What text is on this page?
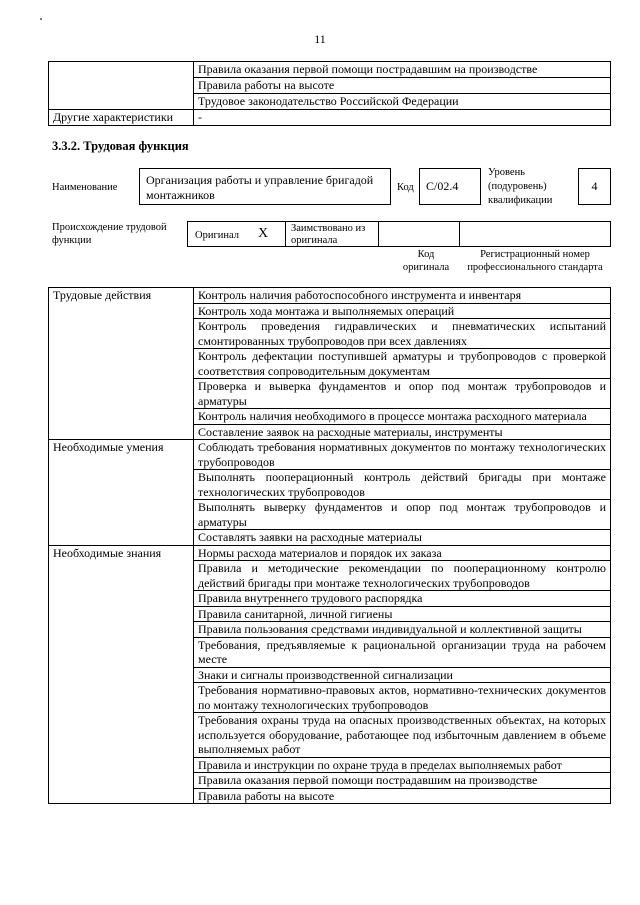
11
	Правила оказания первой помощи пострадавшим на производстве
	Правила работы на высоте
	Трудовое законодательство Российской Федерации
Другие характеристики	-
3.3.2. Трудовая функция
Наименование
Организация работы и управление бригадой монтажников	Код	С/02.4
Уровень (подуровень) квалификации
4
Происхождение трудовой функции	Оригинал X Заимствовано из оригинала
Код оригинала
Регистрационный номер профессионального стандарта
Трудовые действия	Контроль наличия работоспособного инструмента и инвентаря
	Контроль хода монтажа и выполняемых операций
	Контроль проведения гидравлических и пневматических испытаний смонтированных трубопроводов при всех давлениях
	Контроль дефектации поступившей арматуры и трубопроводов с проверкой соответствия сопроводительным документам
	Проверка и выверка фундаментов и опор под монтаж трубопроводов и арматуры
	Контроль наличия необходимого в процессе монтажа расходного материала
	Составление заявок на расходные материалы, инструменты
Необходимые умения	Соблюдать требования нормативных документов по монтажу технологических трубопроводов
	Выполнять пооперационный контроль действий бригады при монтаже технологических трубопроводов
	Выполнять выверку фундаментов и опор под монтаж трубопроводов и арматуры
	Составлять заявки на расходные материалы
Необходимые знания	Нормы расхода материалов и порядок их заказа
	Правила и методические рекомендации по пооперационному контролю действий бригады при монтаже технологических трубопроводов
	Правила внутреннего трудового распорядка
	Правила санитарной, личной гигиены
	Правила пользования средствами индивидуальной и коллективной защиты
	Требования, предъявляемые к рациональной организации труда на рабочем месте
	Знаки и сигналы производственной сигнализации
	Требования нормативно-правовых актов, нормативно-технических документов по монтажу технологических трубопроводов
	Требования охраны труда на опасных производственных объектах, на которых используется оборудование, работающее под избыточным давлением в объеме выполняемых работ
	Правила и инструкции по охране труда в пределах выполняемых работ
	Правила оказания первой помощи пострадавшим на производстве
	Правила работы на высоте
